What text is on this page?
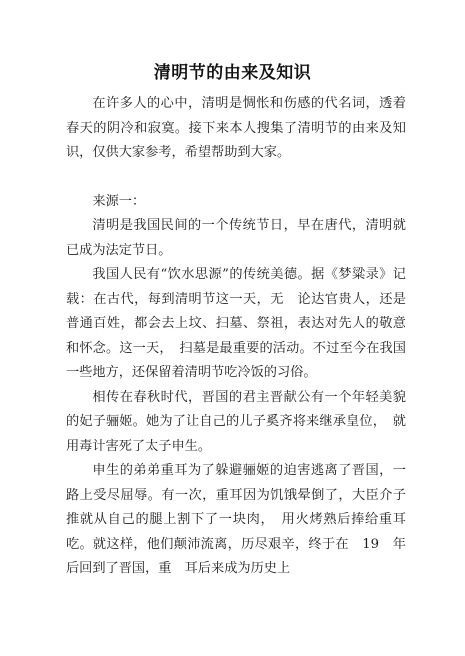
清明节的由来及知识

在许多人的心中，清明是惆怅和伤感的代名词，透着春天的阴冷和寂寞。接下来本人搜集了清明节的由来及知识，仅供大家参考，希望帮助到大家。

来源一：

清明是我国民间的一个传统节日，早在唐代，清明就已成为法定节日。

我国人民有“饮水思源”的传统美德。据《梦粱录》记载：在古代，每到清明节这一天，无　论达官贵人，还是普通百姓，都会去上坟、扫墓、祭祖，表达对先人的敬意和怀念。这一天，　扫墓是最重要的活动。不过至今在我国一些地方，还保留着清明节吃冷饭的习俗。

相传在春秋时代，晋国的君主晋献公有一个年轻美貌的妃子骊姬。她为了让自己的儿子奚齐将来继承皇位，　就用毒计害死了太子申生。

申生的弟弟重耳为了躲避骊姬的迫害逃离了晋国，一路上受尽屈辱。有一次，重耳因为饥饿晕倒了，大臣介子推就从自己的腿上割下了一块肉，　用火烤熟后捧给重耳吃。就这样，他们颠沛流离，历尽艰辛，终于在　19　年后回到了晋国，重　耳后来成为历史上
